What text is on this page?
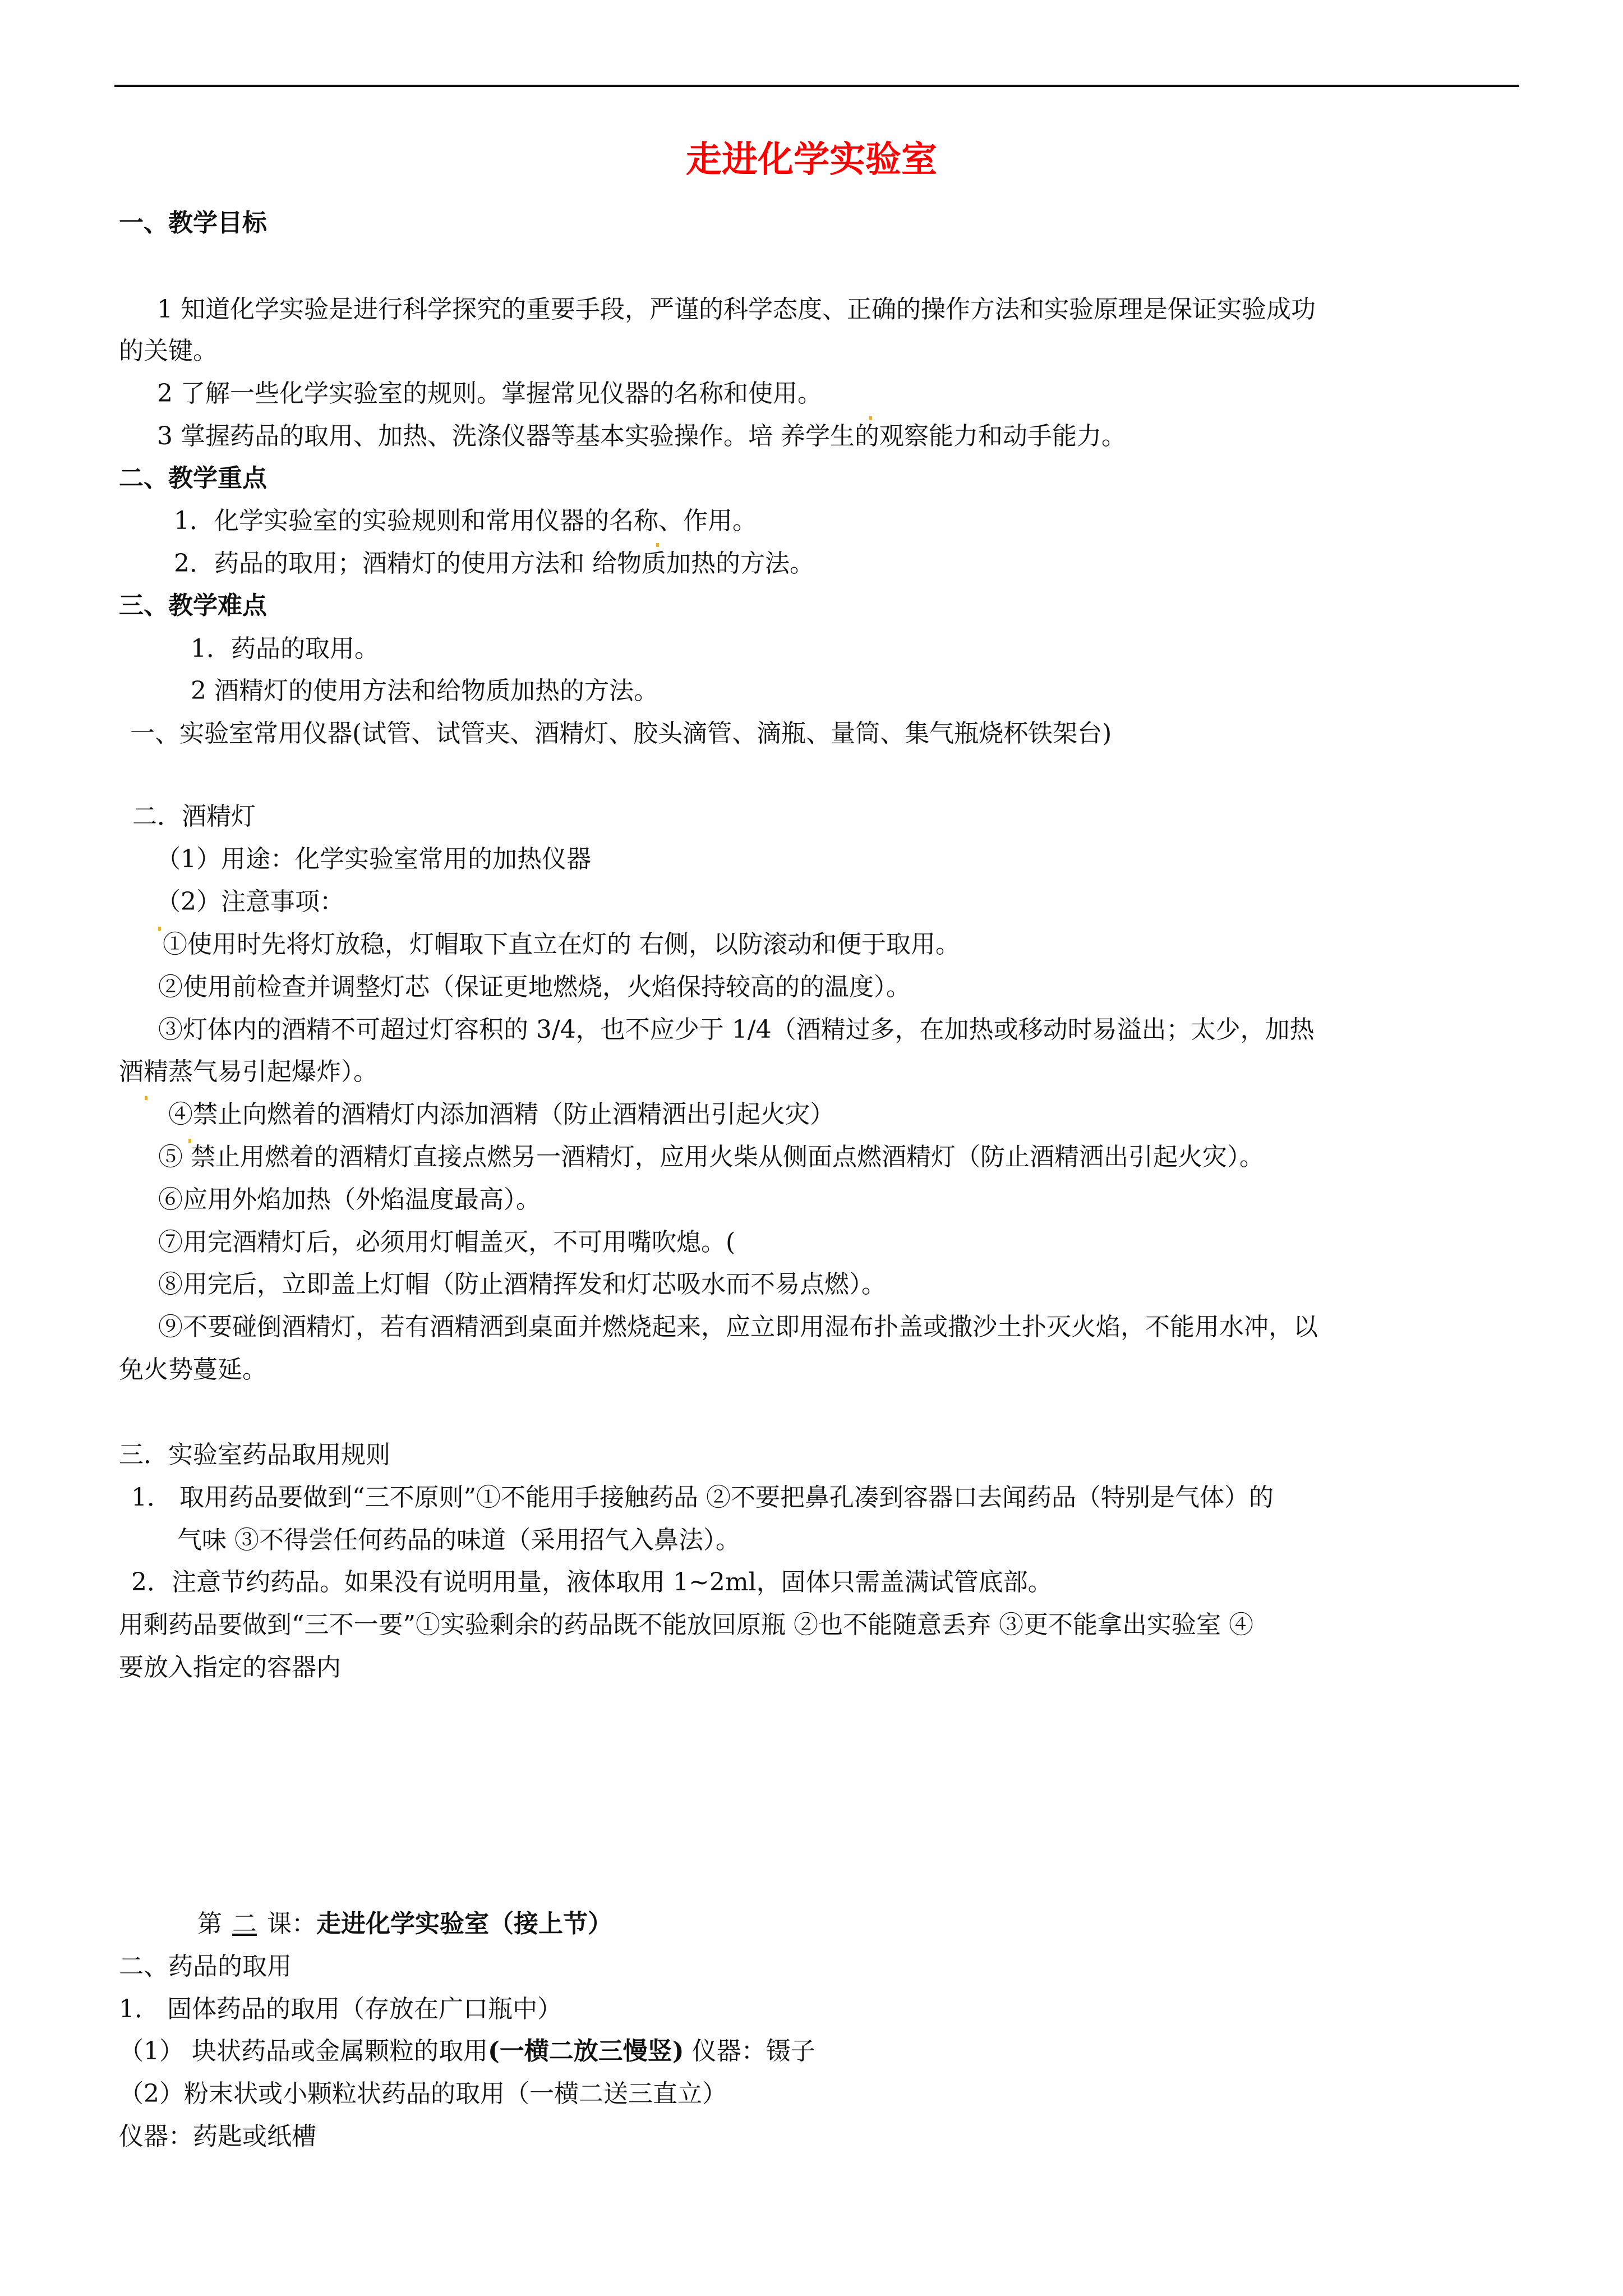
走进化学实验室
一、教学目标
1 知道化学实验是进行科学探究的重要手段，严谨的科学态度、正确的操作方法和实验原理是保证实验成功
的关键。
2 了解一些化学实验室的规则。掌握常见仪器的名称和使用。
3 掌握药品的取用、加热、洗涤仪器等基本实验操作。培 养学生的观察能力和动手能力。
二、教学重点
1．化学实验室的实验规则和常用仪器的名称、作用。
2．药品的取用；酒精灯的使用方法和 给物质加热的方法。
三、教学难点
1．药品的取用。
2 酒精灯的使用方法和给物质加热的方法。
一、实验室常用仪器(试管、试管夹、酒精灯、胶头滴管、滴瓶、量筒、集气瓶烧杯铁架台)
二．酒精灯
（1）用途：化学实验室常用的加热仪器
（2）注意事项：
①使用时先将灯放稳，灯帽取下直立在灯的 右侧，以防滚动和便于取用。
②使用前检查并调整灯芯（保证更地燃烧，火焰保持较高的的温度）。
③灯体内的酒精不可超过灯容积的 3/4，也不应少于 1/4（酒精过多，在加热或移动时易溢出；太少，加热
酒精蒸气易引起爆炸）。
④禁止向燃着的酒精灯内添加酒精（防止酒精洒出引起火灾）
⑤ 禁止用燃着的酒精灯直接点燃另一酒精灯，应用火柴从侧面点燃酒精灯（防止酒精洒出引起火灾）。
⑥应用外焰加热（外焰温度最高）。
⑦用完酒精灯后，必须用灯帽盖灭，不可用嘴吹熄。(
⑧用完后，立即盖上灯帽（防止酒精挥发和灯芯吸水而不易点燃）。
⑨不要碰倒酒精灯，若有酒精洒到桌面并燃烧起来，应立即用湿布扑盖或撒沙土扑灭火焰，不能用水冲，以
免火势蔓延。
三．实验室药品取用规则
1． 取用药品要做到“三不原则”①不能用手接触药品 ②不要把鼻孔凑到容器口去闻药品（特别是气体）的
气味 ③不得尝任何药品的味道（采用招气入鼻法）。
2．注意节约药品。如果没有说明用量，液体取用 1~2ml，固体只需盖满试管底部。
用剩药品要做到“三不一要”①实验剩余的药品既不能放回原瓶 ②也不能随意丢弃 ③更不能拿出实验室 ④
要放入指定的容器内
第 二 课：走进化学实验室（接上节）
二、药品的取用
1． 固体药品的取用（存放在广口瓶中）
（1） 块状药品或金属颗粒的取用(一横二放三慢竖) 仪器：镊子
（2）粉末状或小颗粒状药品的取用（一横二送三直立）
仪器：药匙或纸槽
